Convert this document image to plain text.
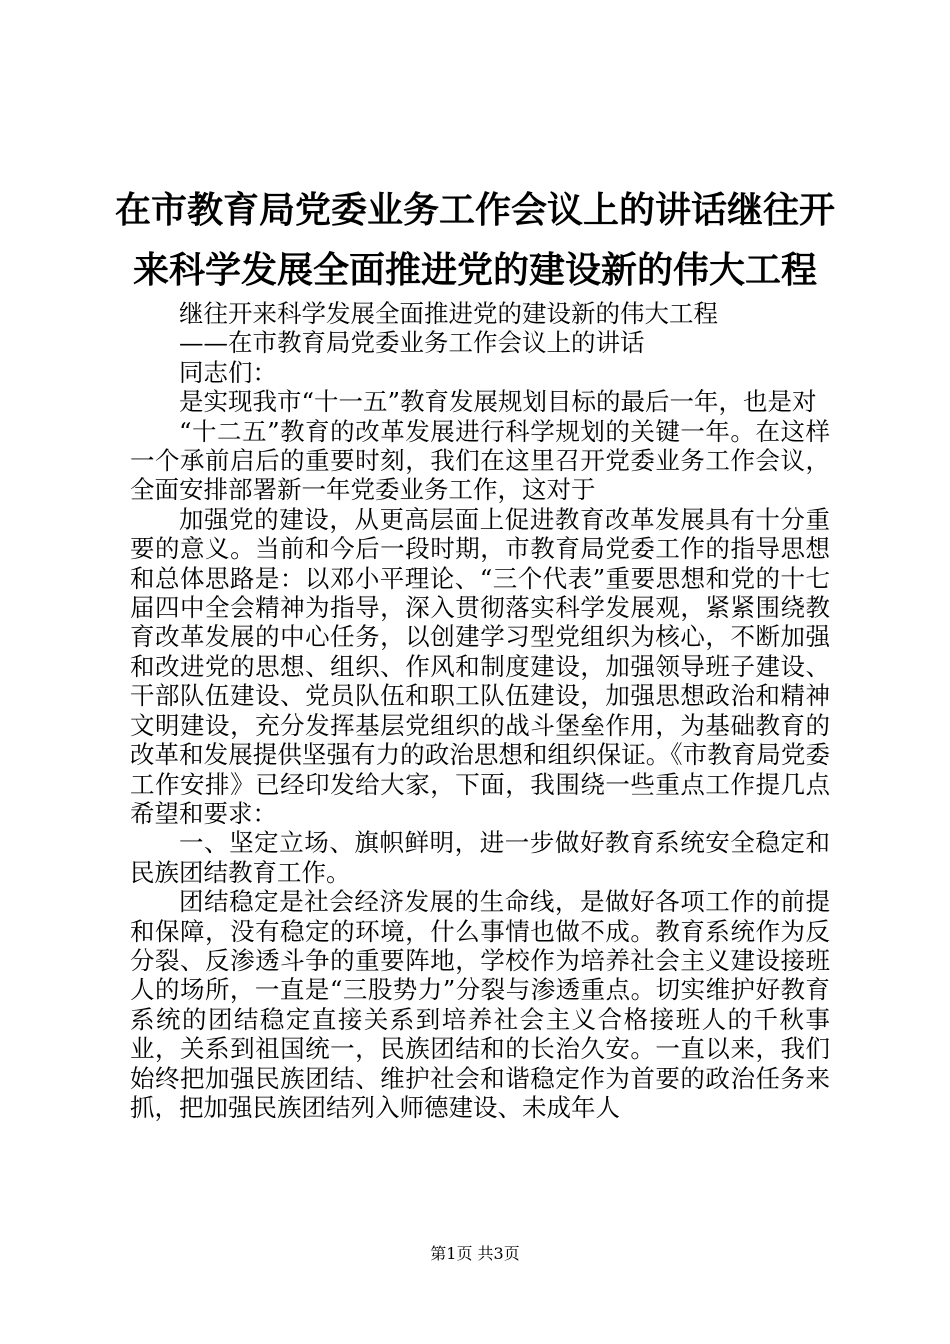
在市教育局党委业务工作会议上的讲话继往开
来科学发展全面推进党的建设新的伟大工程

继往开来科学发展全面推进党的建设新的伟大工程

——在市教育局党委业务工作会议上的讲话

同志们：

是实现我市“十一五”教育发展规划目标的最后一年，也是对

“十二五”教育的改革发展进行科学规划的关键一年。在这样一个承前启后的重要时刻，我们在这里召开党委业务工作会议，全面安排部署新一年党委业务工作，这对于

加强党的建设，从更高层面上促进教育改革发展具有十分重要的意义。当前和今后一段时期，市教育局党委工作的指导思想和总体思路是：以邓小平理论、“三个代表”重要思想和党的十七届四中全会精神为指导，深入贯彻落实科学发展观，紧紧围绕教育改革发展的中心任务，以创建学习型党组织为核心，不断加强和改进党的思想、组织、作风和制度建设，加强领导班子建设、干部队伍建设、党员队伍和职工队伍建设，加强思想政治和精神文明建设，充分发挥基层党组织的战斗堡垒作用，为基础教育的改革和发展提供坚强有力的政治思想和组织保证。《市教育局党委工作安排》已经印发给大家，下面，我围绕一些重点工作提几点希望和要求：

一、坚定立场、旗帜鲜明，进一步做好教育系统安全稳定和民族团结教育工作。

团结稳定是社会经济发展的生命线，是做好各项工作的前提和保障，没有稳定的环境，什么事情也做不成。教育系统作为反分裂、反渗透斗争的重要阵地，学校作为培养社会主义建设接班人的场所，一直是“三股势力”分裂与渗透重点。切实维护好教育系统的团结稳定直接关系到培养社会主义合格接班人的千秋事业，关系到祖国统一，民族团结和的长治久安。一直以来，我们始终把加强民族团结、维护社会和谐稳定作为首要的政治任务来抓，把加强民族团结列入师德建设、未成年人

第1页 共3页
